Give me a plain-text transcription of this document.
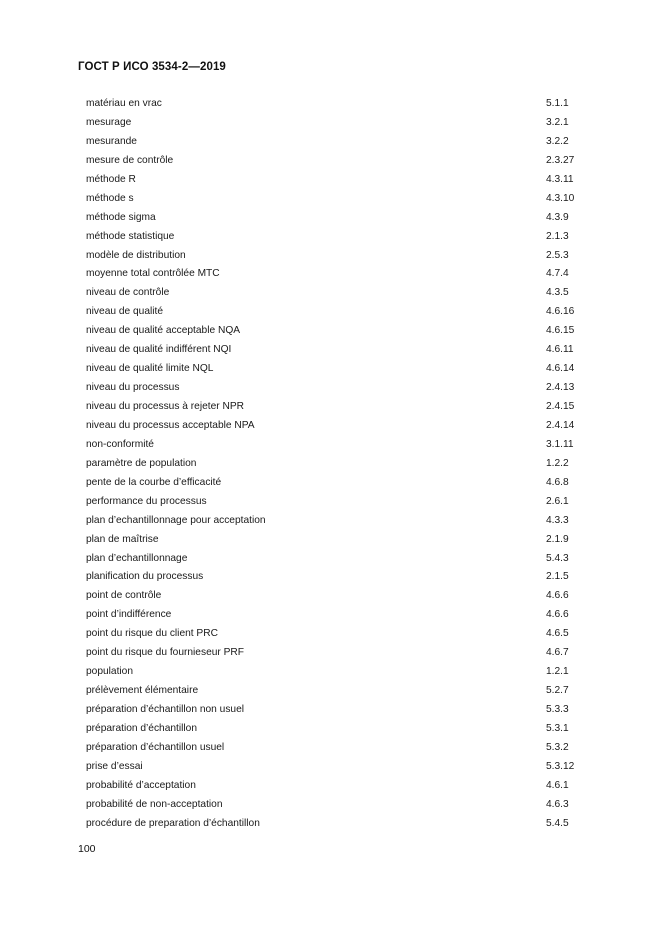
ГОСТ Р ИСО 3534-2—2019
matériau en vrac	5.1.1
mesurage	3.2.1
mesurande	3.2.2
mesure de contrôle	2.3.27
méthode R	4.3.11
méthode s	4.3.10
méthode sigma	4.3.9
méthode statistique	2.1.3
modèle de distribution	2.5.3
moyenne total contrôlée MTC	4.7.4
niveau de contrôle	4.3.5
niveau de qualité	4.6.16
niveau de qualité acceptable NQA	4.6.15
niveau de qualité indifférent NQI	4.6.11
niveau de qualité limite NQL	4.6.14
niveau du processus	2.4.13
niveau du processus à rejeter NPR	2.4.15
niveau du processus acceptable NPA	2.4.14
non-conformité	3.1.11
paramètre de population	1.2.2
pente de la courbe d’efficacité	4.6.8
performance du processus	2.6.1
plan d’echantillonnage pour acceptation	4.3.3
plan de maîtrise	2.1.9
plan d’echantillonnage	5.4.3
planification du processus	2.1.5
point de contrôle	4.6.6
point d’indifférence	4.6.6
point du risque du client PRC	4.6.5
point du risque du fournieseur PRF	4.6.7
population	1.2.1
prélèvement élémentaire	5.2.7
préparation d’échantillon non usuel	5.3.3
préparation d’échantillon	5.3.1
préparation d’échantillon usuel	5.3.2
prise d’essai	5.3.12
probabilité d’acceptation	4.6.1
probabilité de non-acceptation	4.6.3
procédure de preparation d’échantillon	5.4.5
100
